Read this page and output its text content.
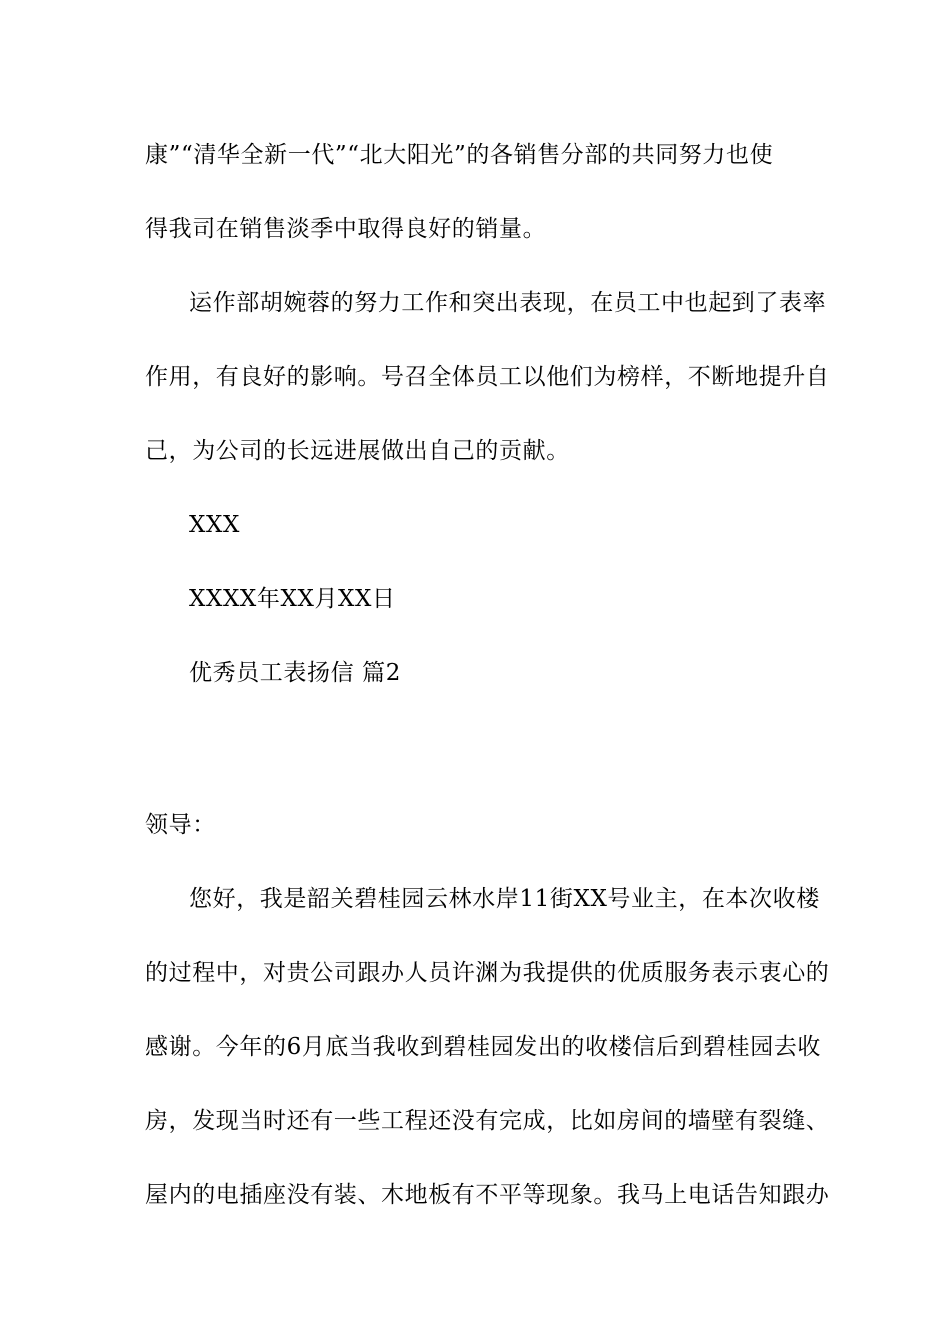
康”“清华全新一代”“北大阳光”的各销售分部的共同努力也使
得我司在销售淡季中取得良好的销量。
运作部胡婉蓉的努力工作和突出表现，在员工中也起到了表率
作用，有良好的影响。号召全体员工以他们为榜样，不断地提升自
己，为公司的长远进展做出自己的贡献。
XXX
XXXX年XX月XX日
优秀员工表扬信 篇2
领导：
您好，我是韶关碧桂园云林水岸11街XX号业主，在本次收楼
的过程中，对贵公司跟办人员许渊为我提供的优质服务表示衷心的
感谢。今年的6月底当我收到碧桂园发出的收楼信后到碧桂园去收
房，发现当时还有一些工程还没有完成，比如房间的墙壁有裂缝、
屋内的电插座没有装、木地板有不平等现象。我马上电话告知跟办
